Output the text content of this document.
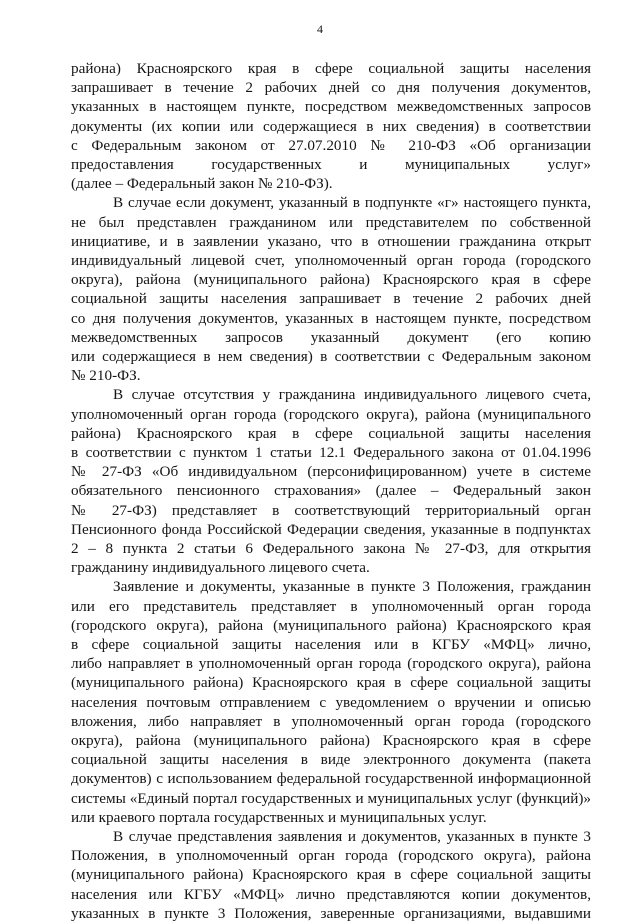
4
района) Красноярского края в сфере социальной защиты населения
запрашивает в течение 2 рабочих дней со дня получения документов,
указанных в настоящем пункте, посредством межведомственных запросов
документы (их копии или содержащиеся в них сведения) в соответствии
с Федеральным законом от 27.07.2010 № 210-ФЗ «Об организации
предоставления государственных и муниципальных услуг»
(далее – Федеральный закон № 210-ФЗ).
В случае если документ, указанный в подпункте «г» настоящего пункта,
не был представлен гражданином или представителем по собственной
инициативе, и в заявлении указано, что в отношении гражданина открыт
индивидуальный лицевой счет, уполномоченный орган города (городского
округа), района (муниципального района) Красноярского края в сфере
социальной защиты населения запрашивает в течение 2 рабочих дней
со дня получения документов, указанных в настоящем пункте, посредством
межведомственных запросов указанный документ (его копию
или содержащиеся в нем сведения) в соответствии с Федеральным законом
№ 210-ФЗ.
В случае отсутствия у гражданина индивидуального лицевого счета,
уполномоченный орган города (городского округа), района (муниципального
района) Красноярского края в сфере социальной защиты населения
в соответствии с пунктом 1 статьи 12.1 Федерального закона от 01.04.1996
№ 27-ФЗ «Об индивидуальном (персонифицированном) учете в системе
обязательного пенсионного страхования» (далее – Федеральный закон
№ 27-ФЗ) представляет в соответствующий территориальный орган
Пенсионного фонда Российской Федерации сведения, указанные в подпунктах
2 – 8 пункта 2 статьи 6 Федерального закона № 27-ФЗ, для открытия
гражданину индивидуального лицевого счета.
Заявление и документы, указанные в пункте 3 Положения, гражданин
или его представитель представляет в уполномоченный орган города
(городского округа), района (муниципального района) Красноярского края
в сфере социальной защиты населения или в КГБУ «МФЦ» лично,
либо направляет в уполномоченный орган города (городского округа), района
(муниципального района) Красноярского края в сфере социальной защиты
населения почтовым отправлением с уведомлением о вручении и описью
вложения, либо направляет в уполномоченный орган города (городского
округа), района (муниципального района) Красноярского края в сфере
социальной защиты населения в виде электронного документа (пакета
документов) с использованием федеральной государственной информационной
системы «Единый портал государственных и муниципальных услуг (функций)»
или краевого портала государственных и муниципальных услуг.
В случае представления заявления и документов, указанных в пункте 3
Положения, в уполномоченный орган города (городского округа), района
(муниципального района) Красноярского края в сфере социальной защиты
населения или КГБУ «МФЦ» лично представляются копии документов,
указанных в пункте 3 Положения, заверенные организациями, выдавшими
